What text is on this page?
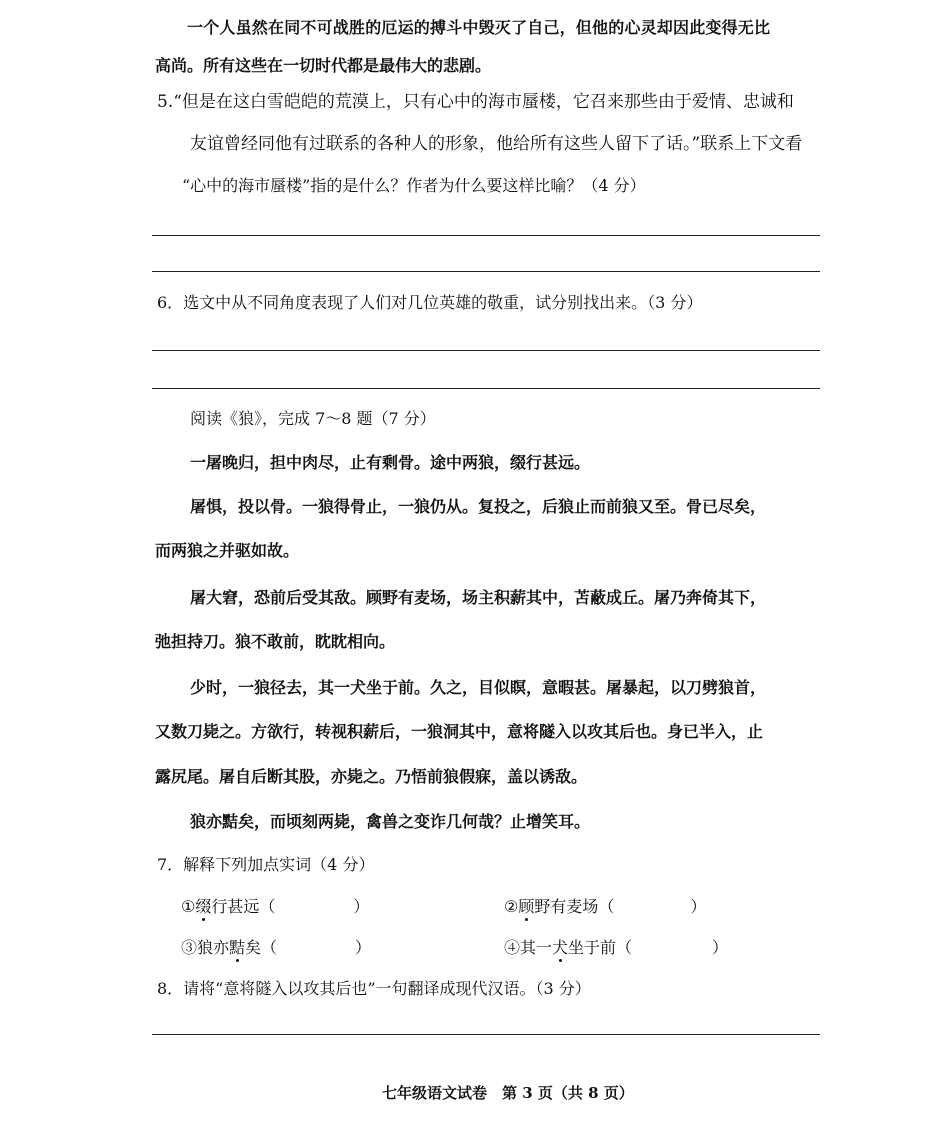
一个人虽然在同不可战胜的厄运的搏斗中毁灭了自己，但他的心灵却因此变得无比
高尚。所有这些在一切时代都是最伟大的悲剧。
5.“但是在这白雪皑皑的荒漠上，只有心中的海市蜃楼，它召来那些由于爱情、忠诚和
友谊曾经同他有过联系的各种人的形象，他给所有这些人留下了话。”联系上下文看
“心中的海市蜃楼”指的是什么？作者为什么要这样比喻？（4 分）
6．选文中从不同角度表现了人们对几位英雄的敬重，试分别找出来。（3 分）
阅读《狼》，完成 7～8 题（7 分）
一屠晚归，担中肉尽，止有剩骨。途中两狼，缀行甚远。
屠惧，投以骨。一狼得骨止，一狼仍从。复投之，后狼止而前狼又至。骨已尽矣，
而两狼之并驱如故。
屠大窘，恐前后受其敌。顾野有麦场，场主积薪其中，苫蔽成丘。屠乃奔倚其下，
弛担持刀。狼不敢前，眈眈相向。
少时，一狼径去，其一犬坐于前。久之，目似瞑，意暇甚。屠暴起，以刀劈狼首，
又数刀毙之。方欲行，转视积薪后，一狼洞其中，意将隧入以攻其后也。身已半入，止
露尻尾。屠自后断其股，亦毙之。乃悟前狼假寐，盖以诱敌。
狼亦黠矣，而顷刻两毙，禽兽之变诈几何哉？止增笑耳。
7．解释下列加点实词（4 分）
①缀行甚远（	）	②顾野有麦场（	）
③狼亦黠矣（	）	④其一犬坐于前（	）
8．请将“意将隧入以攻其后也”一句翻译成现代汉语。（3 分）
七年级语文试卷　第 3 页（共 8 页）
